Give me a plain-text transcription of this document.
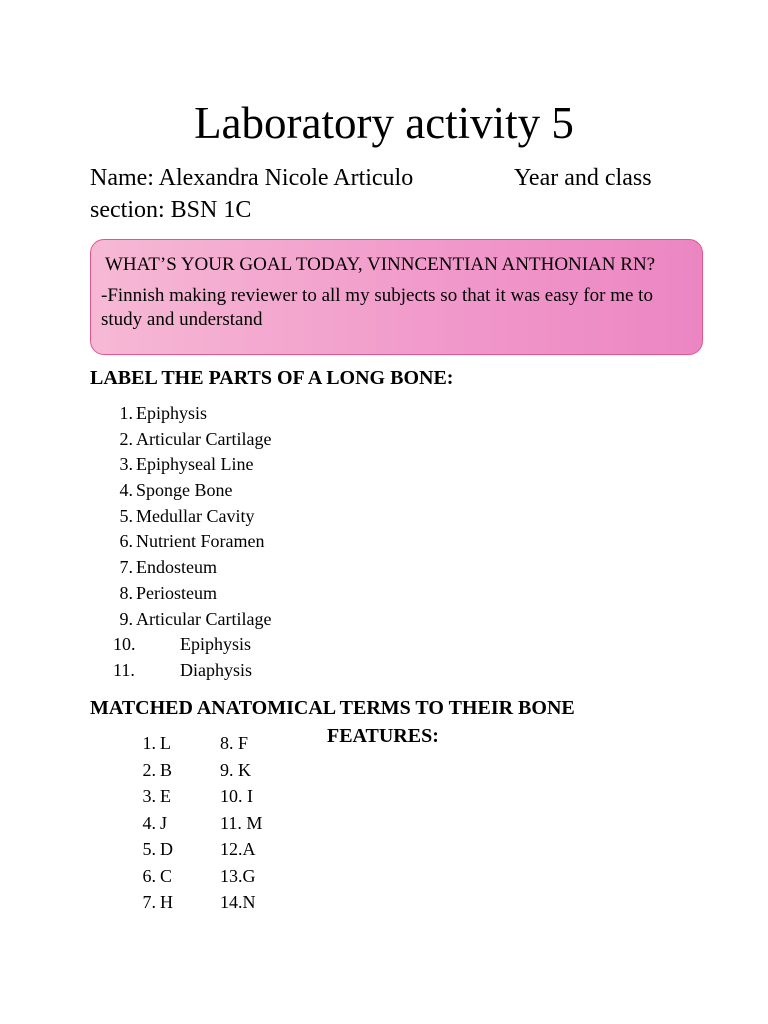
Laboratory activity 5
Name: Alexandra Nicole Articulo	Year and class
section: BSN 1C

WHAT’S YOUR GOAL TODAY, VINNCENTIAN ANTHONIAN RN?

-Finnish making reviewer to all my subjects so that it was easy for me to study and understand

LABEL THE PARTS OF A LONG BONE:
1. Epiphysis
2. Articular Cartilage
3. Epiphyseal Line
4. Sponge Bone
5. Medullar Cavity
6. Nutrient Foramen
7. Endosteum
8. Periosteum
9. Articular Cartilage
10. Epiphysis
11.	Diaphysis
MATCHED ANATOMICAL TERMS TO THEIR BONE
FEATURES:
1. L	8. F
2. B	9. K
3. E	10. I
4. J	11. M
5. D	12.A
6. C	13.G
7. H	14.N
